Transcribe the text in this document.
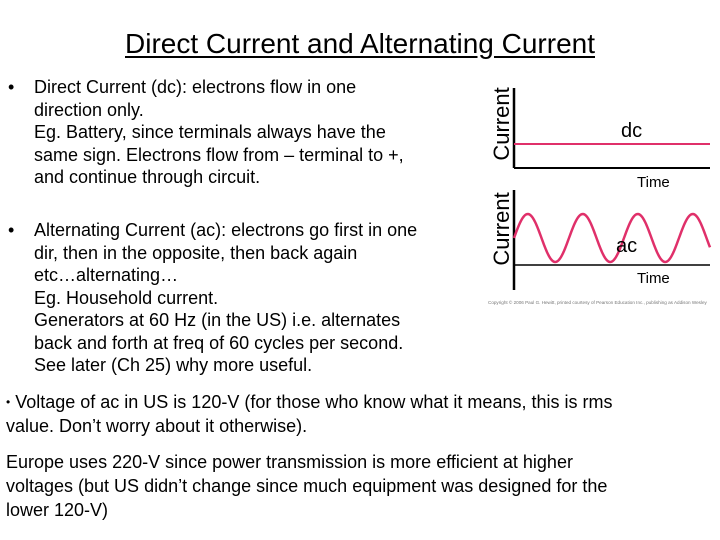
Direct Current and Alternating Current
• Direct Current (dc): electrons flow in one
direction only.
Eg. Battery, since terminals always have the
same sign. Electrons flow from – terminal to +,
and continue through circuit.
• Alternating Current (ac): electrons go first in one
dir, then in the opposite, then back again
etc…alternating…
Eg. Household current.
Generators at 60 Hz (in the US) i.e. alternates
back and forth at freq of 60 cycles per second.
See later (Ch 25) why more useful.
• Voltage of ac in US is 120-V (for those who know what it means, this is rms
value. Don’t worry about it otherwise).
Europe uses 220-V since power transmission is more efficient at higher
voltages (but US didn’t change since much equipment was designed for the
lower 120-V)
Current	dc
Time
Current	ac
Time
Copyright © 2006 Paul G. Hewitt, printed courtesy of Pearson Education Inc., publishing as Addison Wesley
